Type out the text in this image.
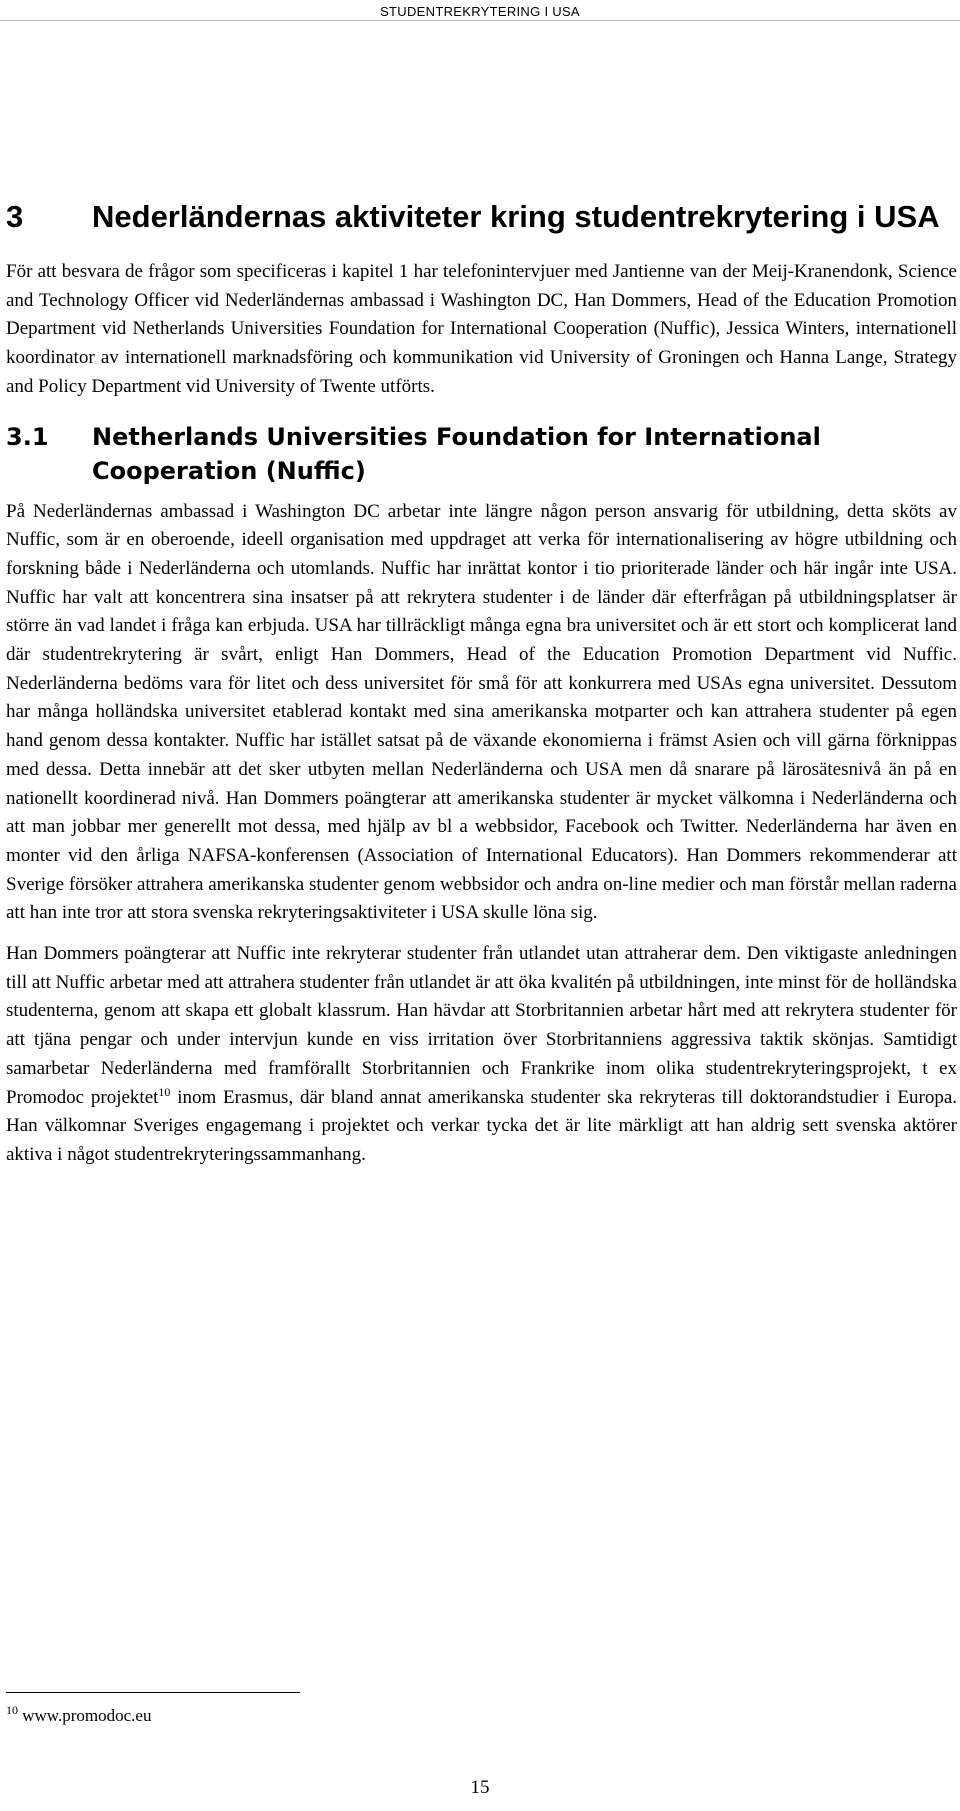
STUDENTREKRYTERING I USA
3	Nederländernas aktiviteter kring studentrekrytering i USA

För att besvara de frågor som specificeras i kapitel 1 har telefonintervjuer med Jantienne van der Meij-Kranendonk, Science and Technology Officer vid Nederländernas ambassad i Washington DC, Han Dommers, Head of the Education Promotion Department vid Netherlands Universities Foundation for International Cooperation (Nuffic), Jessica Winters, internationell koordinator av internationell marknadsföring och kommunikation vid University of Groningen och Hanna Lange, Strategy and Policy Department vid University of Twente utförts.

3.1	Netherlands Universities Foundation for International Cooperation (Nuffic)

På Nederländernas ambassad i Washington DC arbetar inte längre någon person ansvarig för utbildning, detta sköts av Nuffic, som är en oberoende, ideell organisation med uppdraget att verka för internationalisering av högre utbildning och forskning både i Nederländerna och utomlands. Nuffic har inrättat kontor i tio prioriterade länder och här ingår inte USA. Nuffic har valt att koncentrera sina insatser på att rekrytera studenter i de länder där efterfrågan på utbildningsplatser är större än vad landet i fråga kan erbjuda. USA har tillräckligt många egna bra universitet och är ett stort och komplicerat land där studentrekrytering är svårt, enligt Han Dommers, Head of the Education Promotion Department vid Nuffic. Nederländerna bedöms vara för litet och dess universitet för små för att konkurrera med USAs egna universitet. Dessutom har många holländska universitet etablerad kontakt med sina amerikanska motparter och kan attrahera studenter på egen hand genom dessa kontakter. Nuffic har istället satsat på de växande ekonomierna i främst Asien och vill gärna förknippas med dessa. Detta innebär att det sker utbyten mellan Nederländerna och USA men då snarare på lärosätesnivå än på en nationellt koordinerad nivå. Han Dommers poängterar att amerikanska studenter är mycket välkomna i Nederländerna och att man jobbar mer generellt mot dessa, med hjälp av bl a webbsidor, Facebook och Twitter. Nederländerna har även en monter vid den årliga NAFSA-konferensen (Association of International Educators). Han Dommers rekommenderar att Sverige försöker attrahera amerikanska studenter genom webbsidor och andra on-line medier och man förstår mellan raderna att han inte tror att stora svenska rekryteringsaktiviteter i USA skulle löna sig.

Han Dommers poängterar att Nuffic inte rekryterar studenter från utlandet utan attraherar dem. Den viktigaste anledningen till att Nuffic arbetar med att attrahera studenter från utlandet är att öka kvalitén på utbildningen, inte minst för de holländska studenterna, genom att skapa ett globalt klassrum. Han hävdar att Storbritannien arbetar hårt med att rekrytera studenter för att tjäna pengar och under intervjun kunde en viss irritation över Storbritanniens aggressiva taktik skönjas. Samtidigt samarbetar Nederländerna med framförallt Storbritannien och Frankrike inom olika studentrekryteringsprojekt, t ex Promodoc projektet$^{10}$ inom Erasmus, där bland annat amerikanska studenter ska rekryteras till doktorandstudier i Europa. Han välkomnar Sveriges engagemang i projektet och verkar tycka det är lite märkligt att han aldrig sett svenska aktörer aktiva i något studentrekryteringssammanhang.

$^{10}$ www.promodoc.eu
15
